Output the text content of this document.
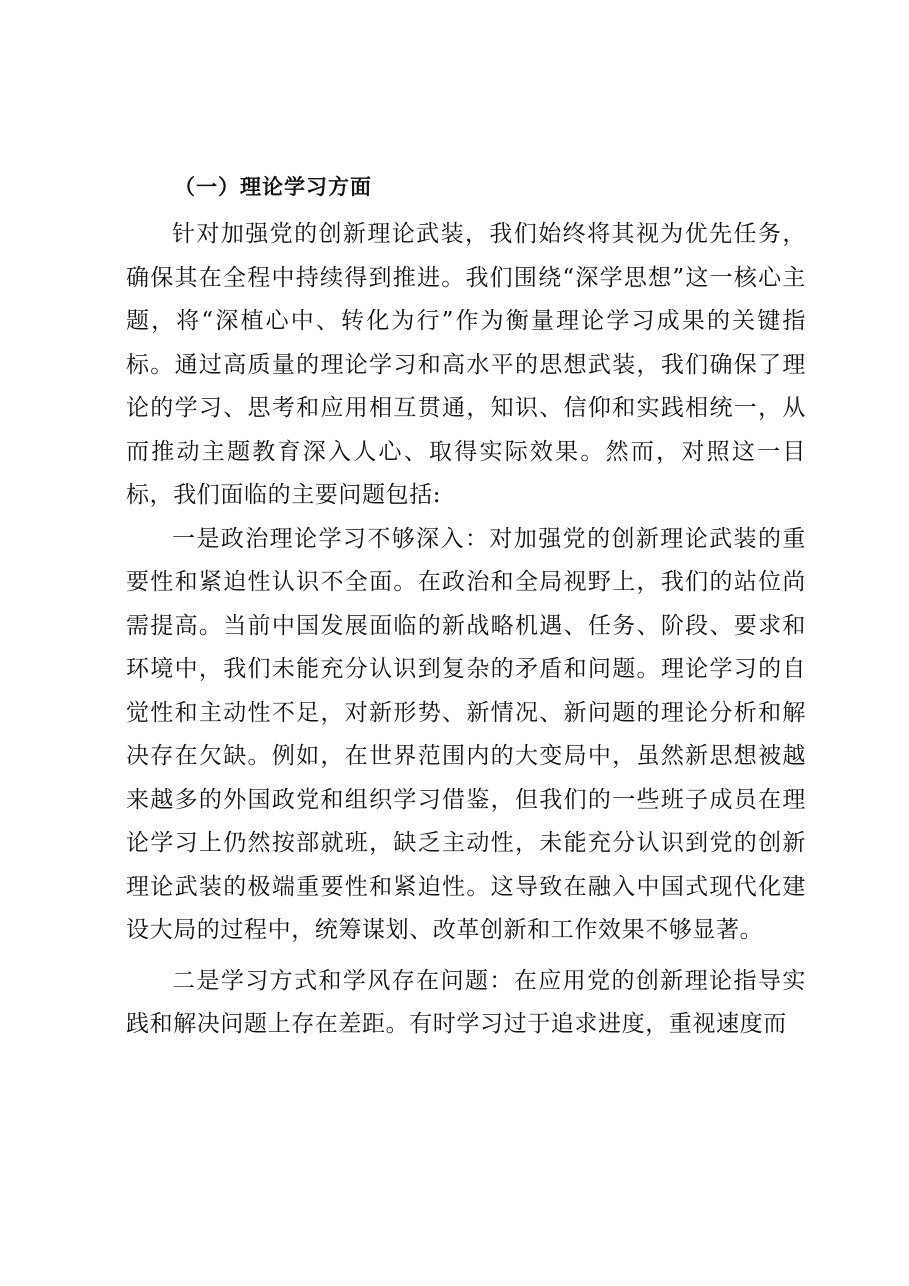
（一）理论学习方面

针对加强党的创新理论武装，我们始终将其视为优先任务，确保其在全程中持续得到推进。我们围绕“深学思想”这一核心主题，将“深植心中、转化为行”作为衡量理论学习成果的关键指标。通过高质量的理论学习和高水平的思想武装，我们确保了理论的学习、思考和应用相互贯通，知识、信仰和实践相统一，从而推动主题教育深入人心、取得实际效果。然而，对照这一目标，我们面临的主要问题包括:

一是政治理论学习不够深入：对加强党的创新理论武装的重要性和紧迫性认识不全面。在政治和全局视野上，我们的站位尚需提高。当前中国发展面临的新战略机遇、任务、阶段、要求和环境中，我们未能充分认识到复杂的矛盾和问题。理论学习的自觉性和主动性不足，对新形势、新情况、新问题的理论分析和解决存在欠缺。例如，在世界范围内的大变局中，虽然新思想被越来越多的外国政党和组织学习借鉴，但我们的一些班子成员在理论学习上仍然按部就班，缺乏主动性，未能充分认识到党的创新理论武装的极端重要性和紧迫性。这导致在融入中国式现代化建设大局的过程中，统筹谋划、改革创新和工作效果不够显著。

二是学习方式和学风存在问题：在应用党的创新理论指导实践和解决问题上存在差距。有时学习过于追求进度，重视速度而
